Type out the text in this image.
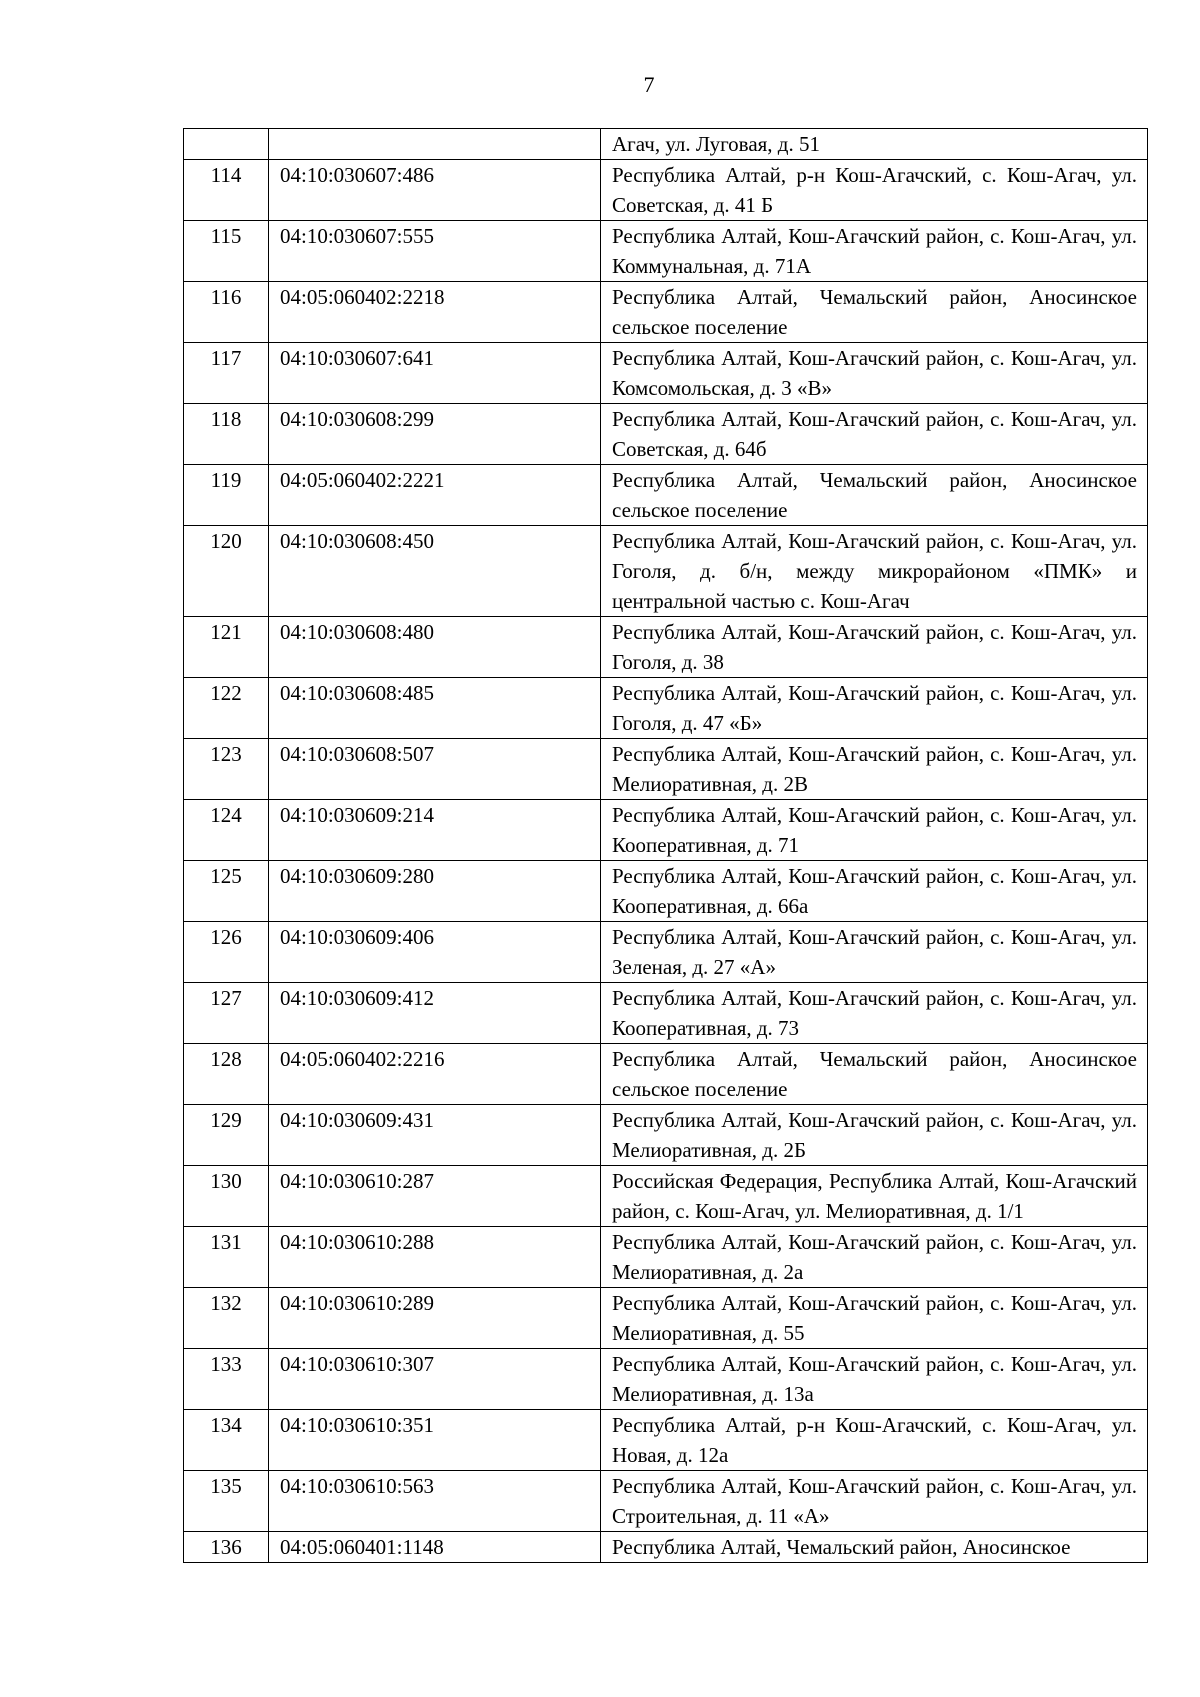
7
		Агач, ул. Луговая, д. 51
114	04:10:030607:486	Республика Алтай, р-н Кош-Агачский, с. Кош-Агач, ул. Советская, д. 41 Б
115	04:10:030607:555	Республика Алтай, Кош-Агачский район, с. Кош-Агач, ул. Коммунальная, д. 71А
116	04:05:060402:2218	Республика Алтай, Чемальский район, Аносинское сельское поселение
117	04:10:030607:641	Республика Алтай, Кош-Агачский район, с. Кош-Агач, ул. Комсомольская, д. 3 «В»
118	04:10:030608:299	Республика Алтай, Кош-Агачский район, с. Кош-Агач, ул. Советская, д. 64б
119	04:05:060402:2221	Республика Алтай, Чемальский район, Аносинское сельское поселение
120	04:10:030608:450	Республика Алтай, Кош-Агачский район, с. Кош-Агач, ул. Гоголя, д. б/н, между микрорайоном «ПМК» и центральной частью с. Кош-Агач
121	04:10:030608:480	Республика Алтай, Кош-Агачский район, с. Кош-Агач, ул. Гоголя, д. 38
122	04:10:030608:485	Республика Алтай, Кош-Агачский район, с. Кош-Агач, ул. Гоголя, д. 47 «Б»
123	04:10:030608:507	Республика Алтай, Кош-Агачский район, с. Кош-Агач, ул. Мелиоративная, д. 2В
124	04:10:030609:214	Республика Алтай, Кош-Агачский район, с. Кош-Агач, ул. Кооперативная, д. 71
125	04:10:030609:280	Республика Алтай, Кош-Агачский район, с. Кош-Агач, ул. Кооперативная, д. 66а
126	04:10:030609:406	Республика Алтай, Кош-Агачский район, с. Кош-Агач, ул. Зеленая, д. 27 «А»
127	04:10:030609:412	Республика Алтай, Кош-Агачский район, с. Кош-Агач, ул. Кооперативная, д. 73
128	04:05:060402:2216	Республика Алтай, Чемальский район, Аносинское сельское поселение
129	04:10:030609:431	Республика Алтай, Кош-Агачский район, с. Кош-Агач, ул. Мелиоративная, д. 2Б
130	04:10:030610:287	Российская Федерация, Республика Алтай, Кош-Агачский район, с. Кош-Агач, ул. Мелиоративная, д. 1/1
131	04:10:030610:288	Республика Алтай, Кош-Агачский район, с. Кош-Агач, ул. Мелиоративная, д. 2а
132	04:10:030610:289	Республика Алтай, Кош-Агачский район, с. Кош-Агач, ул. Мелиоративная, д. 55
133	04:10:030610:307	Республика Алтай, Кош-Агачский район, с. Кош-Агач, ул. Мелиоративная, д. 13а
134	04:10:030610:351	Республика Алтай, р-н Кош-Агачский, с. Кош-Агач, ул. Новая, д. 12а
135	04:10:030610:563	Республика Алтай, Кош-Агачский район, с. Кош-Агач, ул. Строительная, д. 11 «А»
136	04:05:060401:1148	Республика Алтай, Чемальский район, Аносинское
